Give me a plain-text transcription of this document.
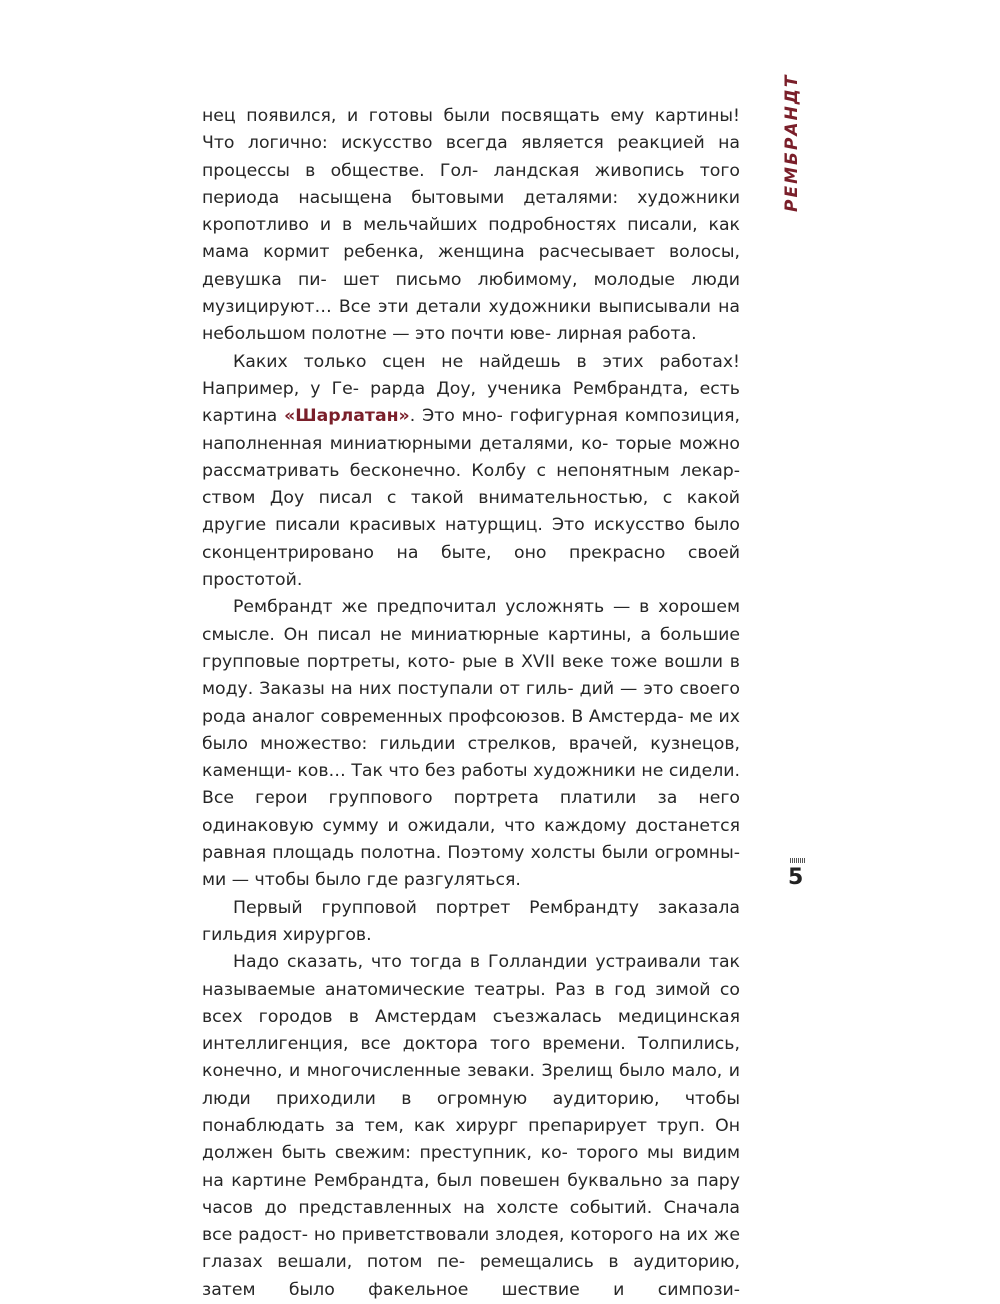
нец появился, и готовы были посвящать ему картины! Что логично: искусство всегда является реакцией на процессы в обществе. Гол- ландская живопись того периода насыщена бытовыми деталями: художники кропотливо и в мельчайших подробностях писали, как мама кормит ребенка, женщина расчесывает волосы, девушка пи- шет письмо любимому, молодые люди музицируют… Все эти детали художники выписывали на небольшом полотне — это почти юве- лирная работа.

Каких только сцен не найдешь в этих работах! Например, у Ге- рарда Доу, ученика Рембрандта, есть картина «Шарлатан». Это мно- гофигурная композиция, наполненная миниатюрными деталями, ко- торые можно рассматривать бесконечно. Колбу с непонятным лекар- ством Доу писал с такой внимательностью, с какой другие писали красивых натурщиц. Это искусство было сконцентрировано на быте, оно прекрасно своей простотой.

Рембрандт же предпочитал усложнять — в хорошем смысле. Он писал не миниатюрные картины, а большие групповые портреты, кото- рые в XVII веке тоже вошли в моду. Заказы на них поступали от гиль- дий — это своего рода аналог современных профсоюзов. В Амстерда- ме их было множество: гильдии стрелков, врачей, кузнецов, каменщи- ков… Так что без работы художники не сидели. Все герои группового портрета платили за него одинаковую сумму и ожидали, что каждому достанется равная площадь полотна. Поэтому холсты были огромны- ми — чтобы было где разгуляться.

Первый групповой портрет Рембрандту заказала гильдия хирургов.

Надо сказать, что тогда в Голландии устраивали так называемые анатомические театры. Раз в год зимой со всех городов в Амстердам съезжалась медицинская интеллигенция, все доктора того времени. Толпились, конечно, и многочисленные зеваки. Зрелищ было мало, и люди приходили в огромную аудиторию, чтобы понаблюдать за тем, как хирург препарирует труп. Он должен быть свежим: преступник, ко- торого мы видим на картине Рембрандта, был повешен буквально за пару часов до представленных на холсте событий. Сначала все радост- но приветствовали злодея, которого на их же глазах вешали, потом пе- ремещались в аудиторию, затем было факельное шествие и симпози-

РЕМБРАНДТ
5
